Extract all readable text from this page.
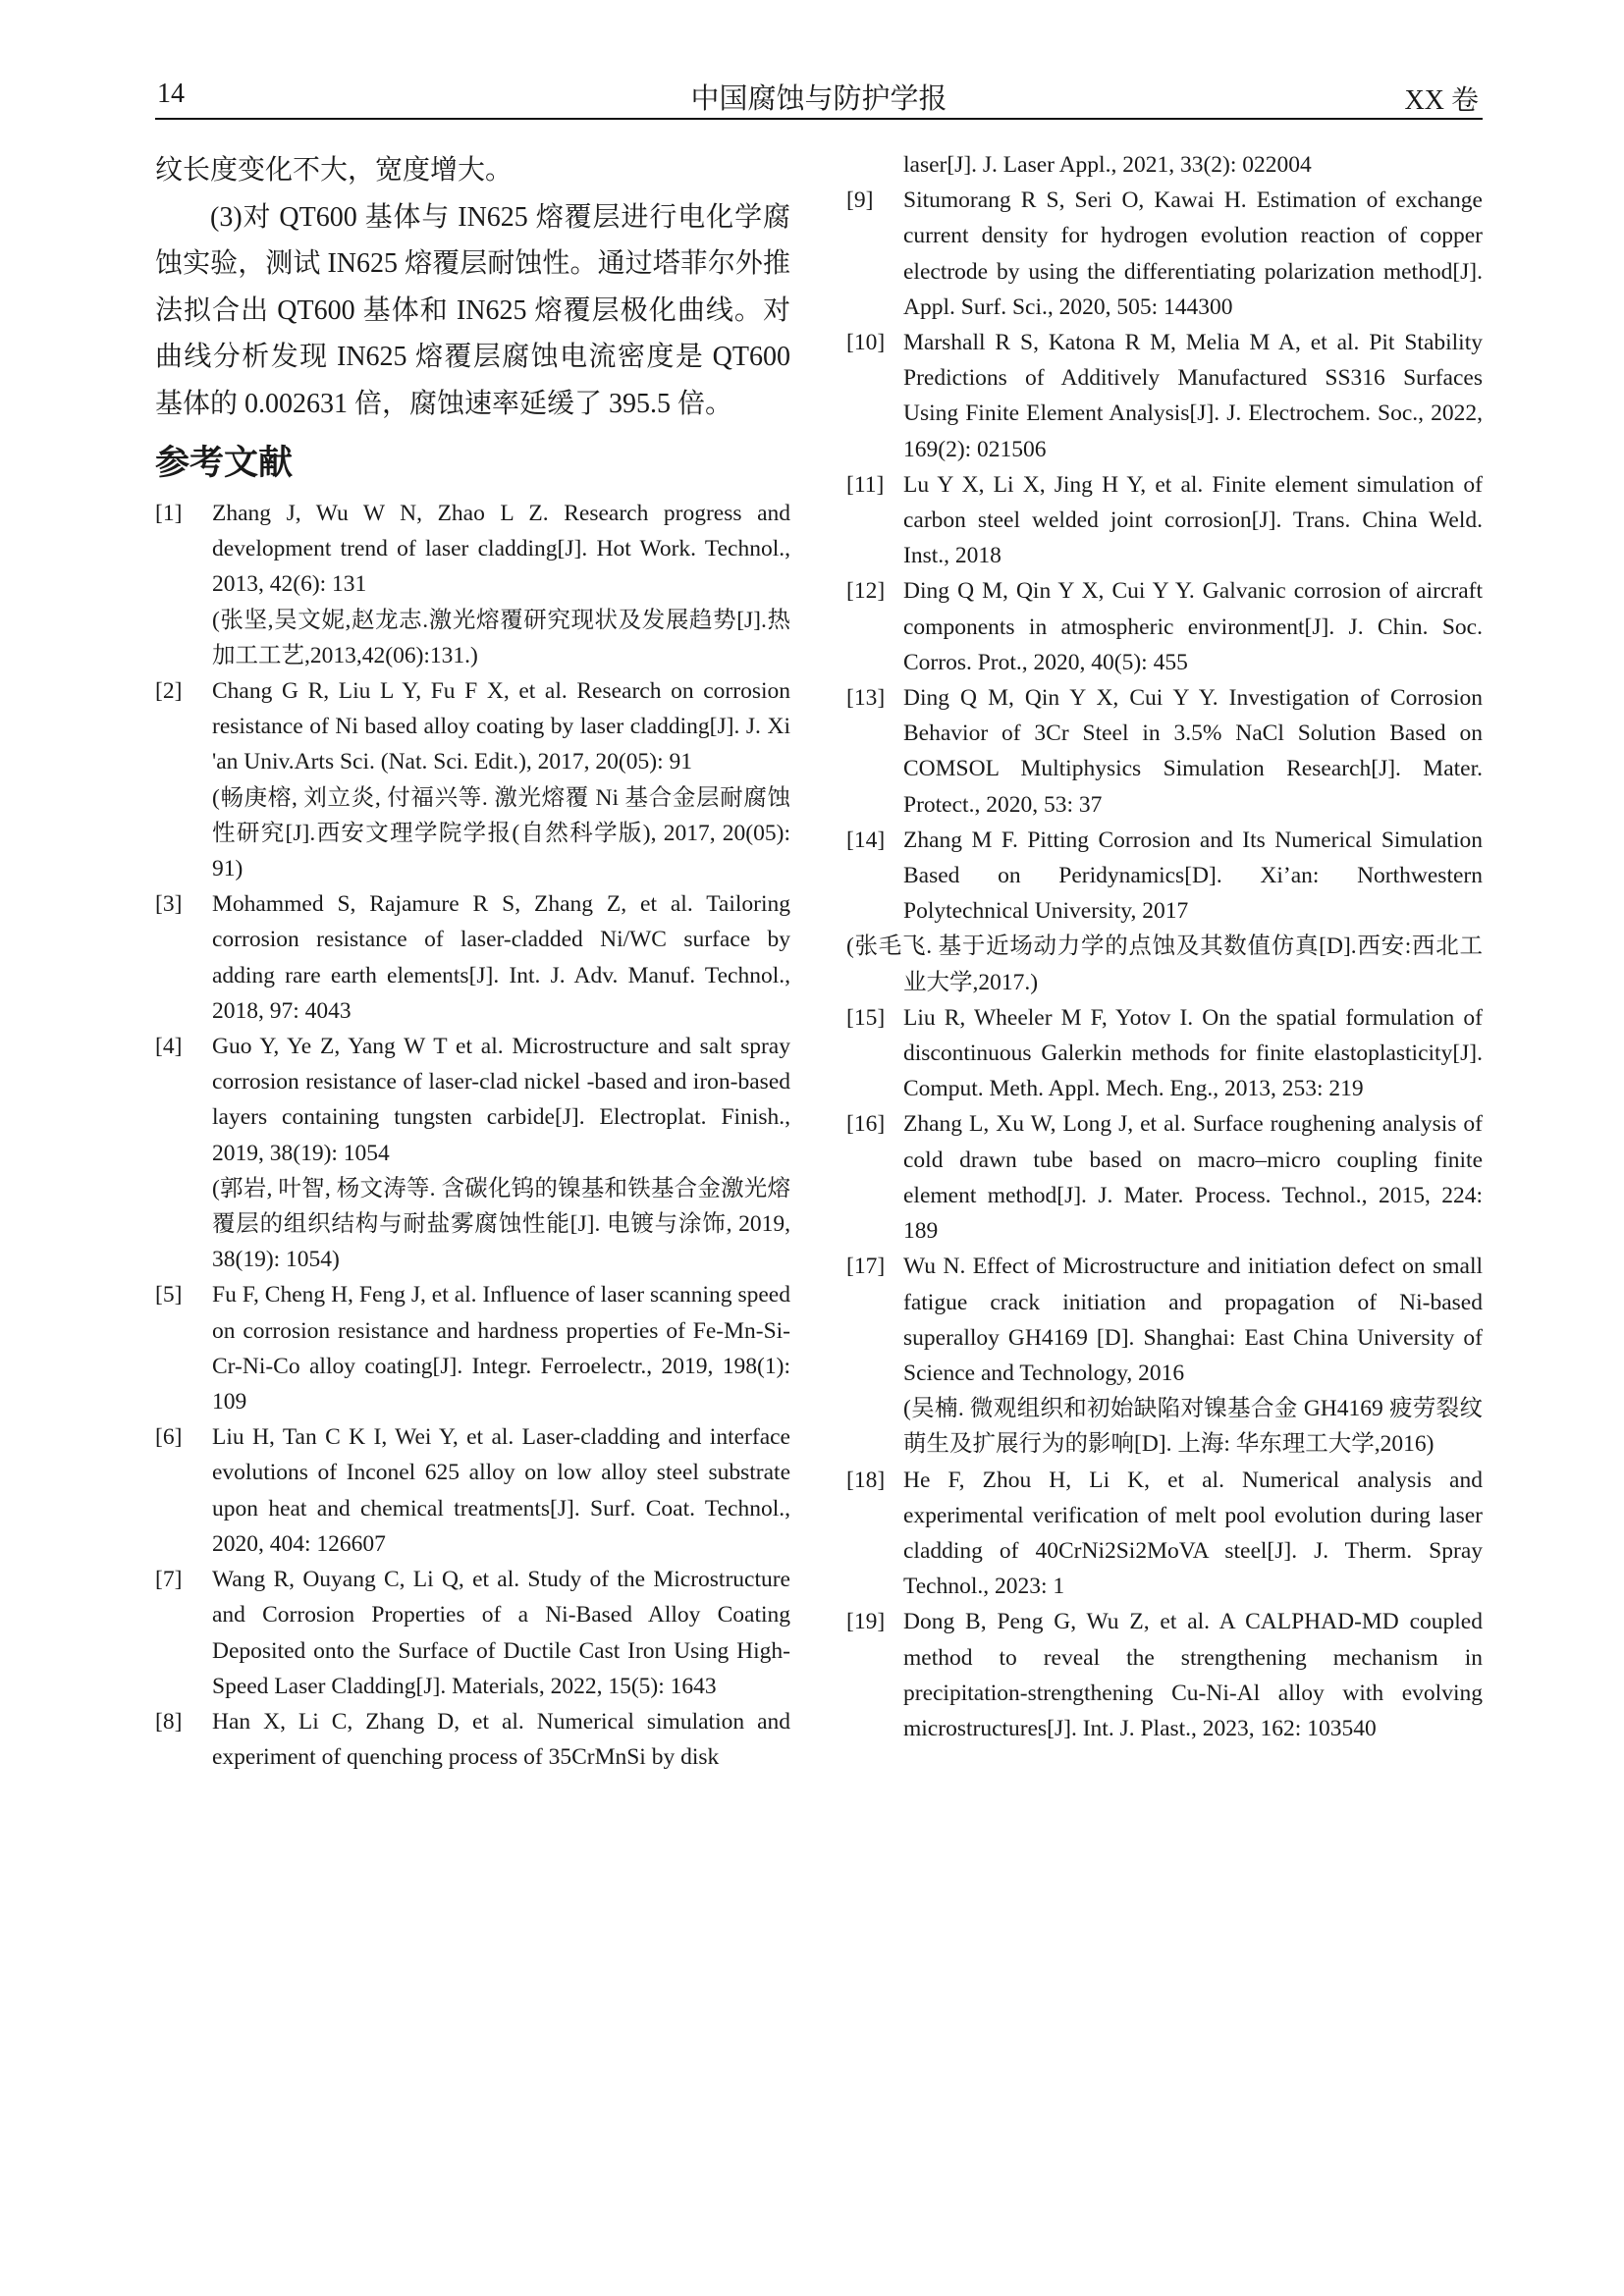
14	中国腐蚀与防护学报	XX 卷

纹长度变化不大，宽度增大。

(3)对 QT600 基体与 IN625 熔覆层进行电化学腐蚀实验，测试 IN625 熔覆层耐蚀性。通过塔菲尔外推法拟合出 QT600 基体和 IN625 熔覆层极化曲线。对曲线分析发现 IN625 熔覆层腐蚀电流密度是 QT600 基体的 0.002631 倍，腐蚀速率延缓了 395.5 倍。

参考文献
[1]	Zhang J, Wu W N, Zhao L Z. Research progress and development trend of laser cladding[J]. Hot Work. Technol., 2013, 42(6): 131
(张坚,吴文妮,赵龙志.激光熔覆研究现状及发展趋势[J].热加工工艺,2013,42(06):131.)
[2]	Chang G R, Liu L Y, Fu F X, et al. Research on corrosion resistance of Ni based alloy coating by laser cladding[J]. J. Xi 'an Univ.Arts Sci. (Nat. Sci. Edit.), 2017, 20(05): 91
(畅庚榕, 刘立炎, 付福兴等. 激光熔覆 Ni 基合金层耐腐蚀性研究[J].西安文理学院学报(自然科学版), 2017, 20(05): 91)
[3]	Mohammed S, Rajamure R S, Zhang Z, et al. Tailoring corrosion resistance of laser-cladded Ni/WC surface by adding rare earth elements[J]. Int. J. Adv. Manuf. Technol., 2018, 97: 4043
[4]	Guo Y, Ye Z, Yang W T et al. Microstructure and salt spray corrosion resistance of laser-clad nickel -based and iron-based layers containing tungsten carbide[J]. Electroplat. Finish., 2019, 38(19): 1054
(郭岩, 叶智, 杨文涛等. 含碳化钨的镍基和铁基合金激光熔覆层的组织结构与耐盐雾腐蚀性能[J]. 电镀与涂饰, 2019, 38(19): 1054)
[5]	Fu F, Cheng H, Feng J, et al. Influence of laser scanning speed on corrosion resistance and hardness properties of Fe-Mn-Si-Cr-Ni-Co alloy coating[J]. Integr. Ferroelectr., 2019, 198(1): 109
[6]	Liu H, Tan C K I, Wei Y, et al. Laser-cladding and interface evolutions of Inconel 625 alloy on low alloy steel substrate upon heat and chemical treatments[J]. Surf. Coat. Technol., 2020, 404: 126607
[7]	Wang R, Ouyang C, Li Q, et al. Study of the Microstructure and Corrosion Properties of a Ni-Based Alloy Coating Deposited onto the Surface of Ductile Cast Iron Using High-Speed Laser Cladding[J]. Materials, 2022, 15(5): 1643
[8]	Han X, Li C, Zhang D, et al. Numerical simulation and experiment of quenching process of 35CrMnSi by disk
laser[J]. J. Laser Appl., 2021, 33(2): 022004
[9]	Situmorang R S, Seri O, Kawai H. Estimation of exchange current density for hydrogen evolution reaction of copper electrode by using the differentiating polarization method[J]. Appl. Surf. Sci., 2020, 505: 144300
[10] Marshall R S, Katona R M, Melia M A, et al. Pit Stability Predictions of Additively Manufactured SS316 Surfaces Using Finite Element Analysis[J]. J. Electrochem. Soc., 2022, 169(2): 021506
[11] Lu Y X, Li X, Jing H Y, et al. Finite element simulation of carbon steel welded joint corrosion[J]. Trans. China Weld. Inst., 2018
[12] Ding Q M, Qin Y X, Cui Y Y. Galvanic corrosion of aircraft components in atmospheric environment[J]. J. Chin. Soc. Corros. Prot., 2020, 40(5): 455
[13] Ding Q M, Qin Y X, Cui Y Y. Investigation of Corrosion Behavior of 3Cr Steel in 3.5% NaCl Solution Based on COMSOL Multiphysics Simulation Research[J]. Mater. Protect., 2020, 53: 37
[14] Zhang M F. Pitting Corrosion and Its Numerical Simulation Based on Peridynamics[D]. Xi’an: Northwestern Polytechnical University, 2017
(张毛飞. 基于近场动力学的点蚀及其数值仿真[D].西安:西北工业大学,2017.)
[15] Liu R, Wheeler M F, Yotov I. On the spatial formulation of discontinuous Galerkin methods for finite elastoplasticity[J]. Comput. Meth. Appl. Mech. Eng., 2013, 253: 219
[16] Zhang L, Xu W, Long J, et al. Surface roughening analysis of cold drawn tube based on macro–micro coupling finite element method[J]. J. Mater. Process. Technol., 2015, 224: 189
[17] Wu N. Effect of Microstructure and initiation defect on small fatigue crack initiation and propagation of Ni-based superalloy GH4169 [D]. Shanghai: East China University of Science and Technology, 2016
(吴楠. 微观组织和初始缺陷对镍基合金 GH4169 疲劳裂纹萌生及扩展行为的影响[D]. 上海: 华东理工大学,2016)
[18] He F, Zhou H, Li K, et al. Numerical analysis and experimental verification of melt pool evolution during laser cladding of 40CrNi2Si2MoVA steel[J]. J. Therm. Spray Technol., 2023: 1
[19] Dong B, Peng G, Wu Z, et al. A CALPHAD-MD coupled method to reveal the strengthening mechanism in precipitation-strengthening Cu-Ni-Al alloy with evolving microstructures[J]. Int. J. Plast., 2023, 162: 103540
